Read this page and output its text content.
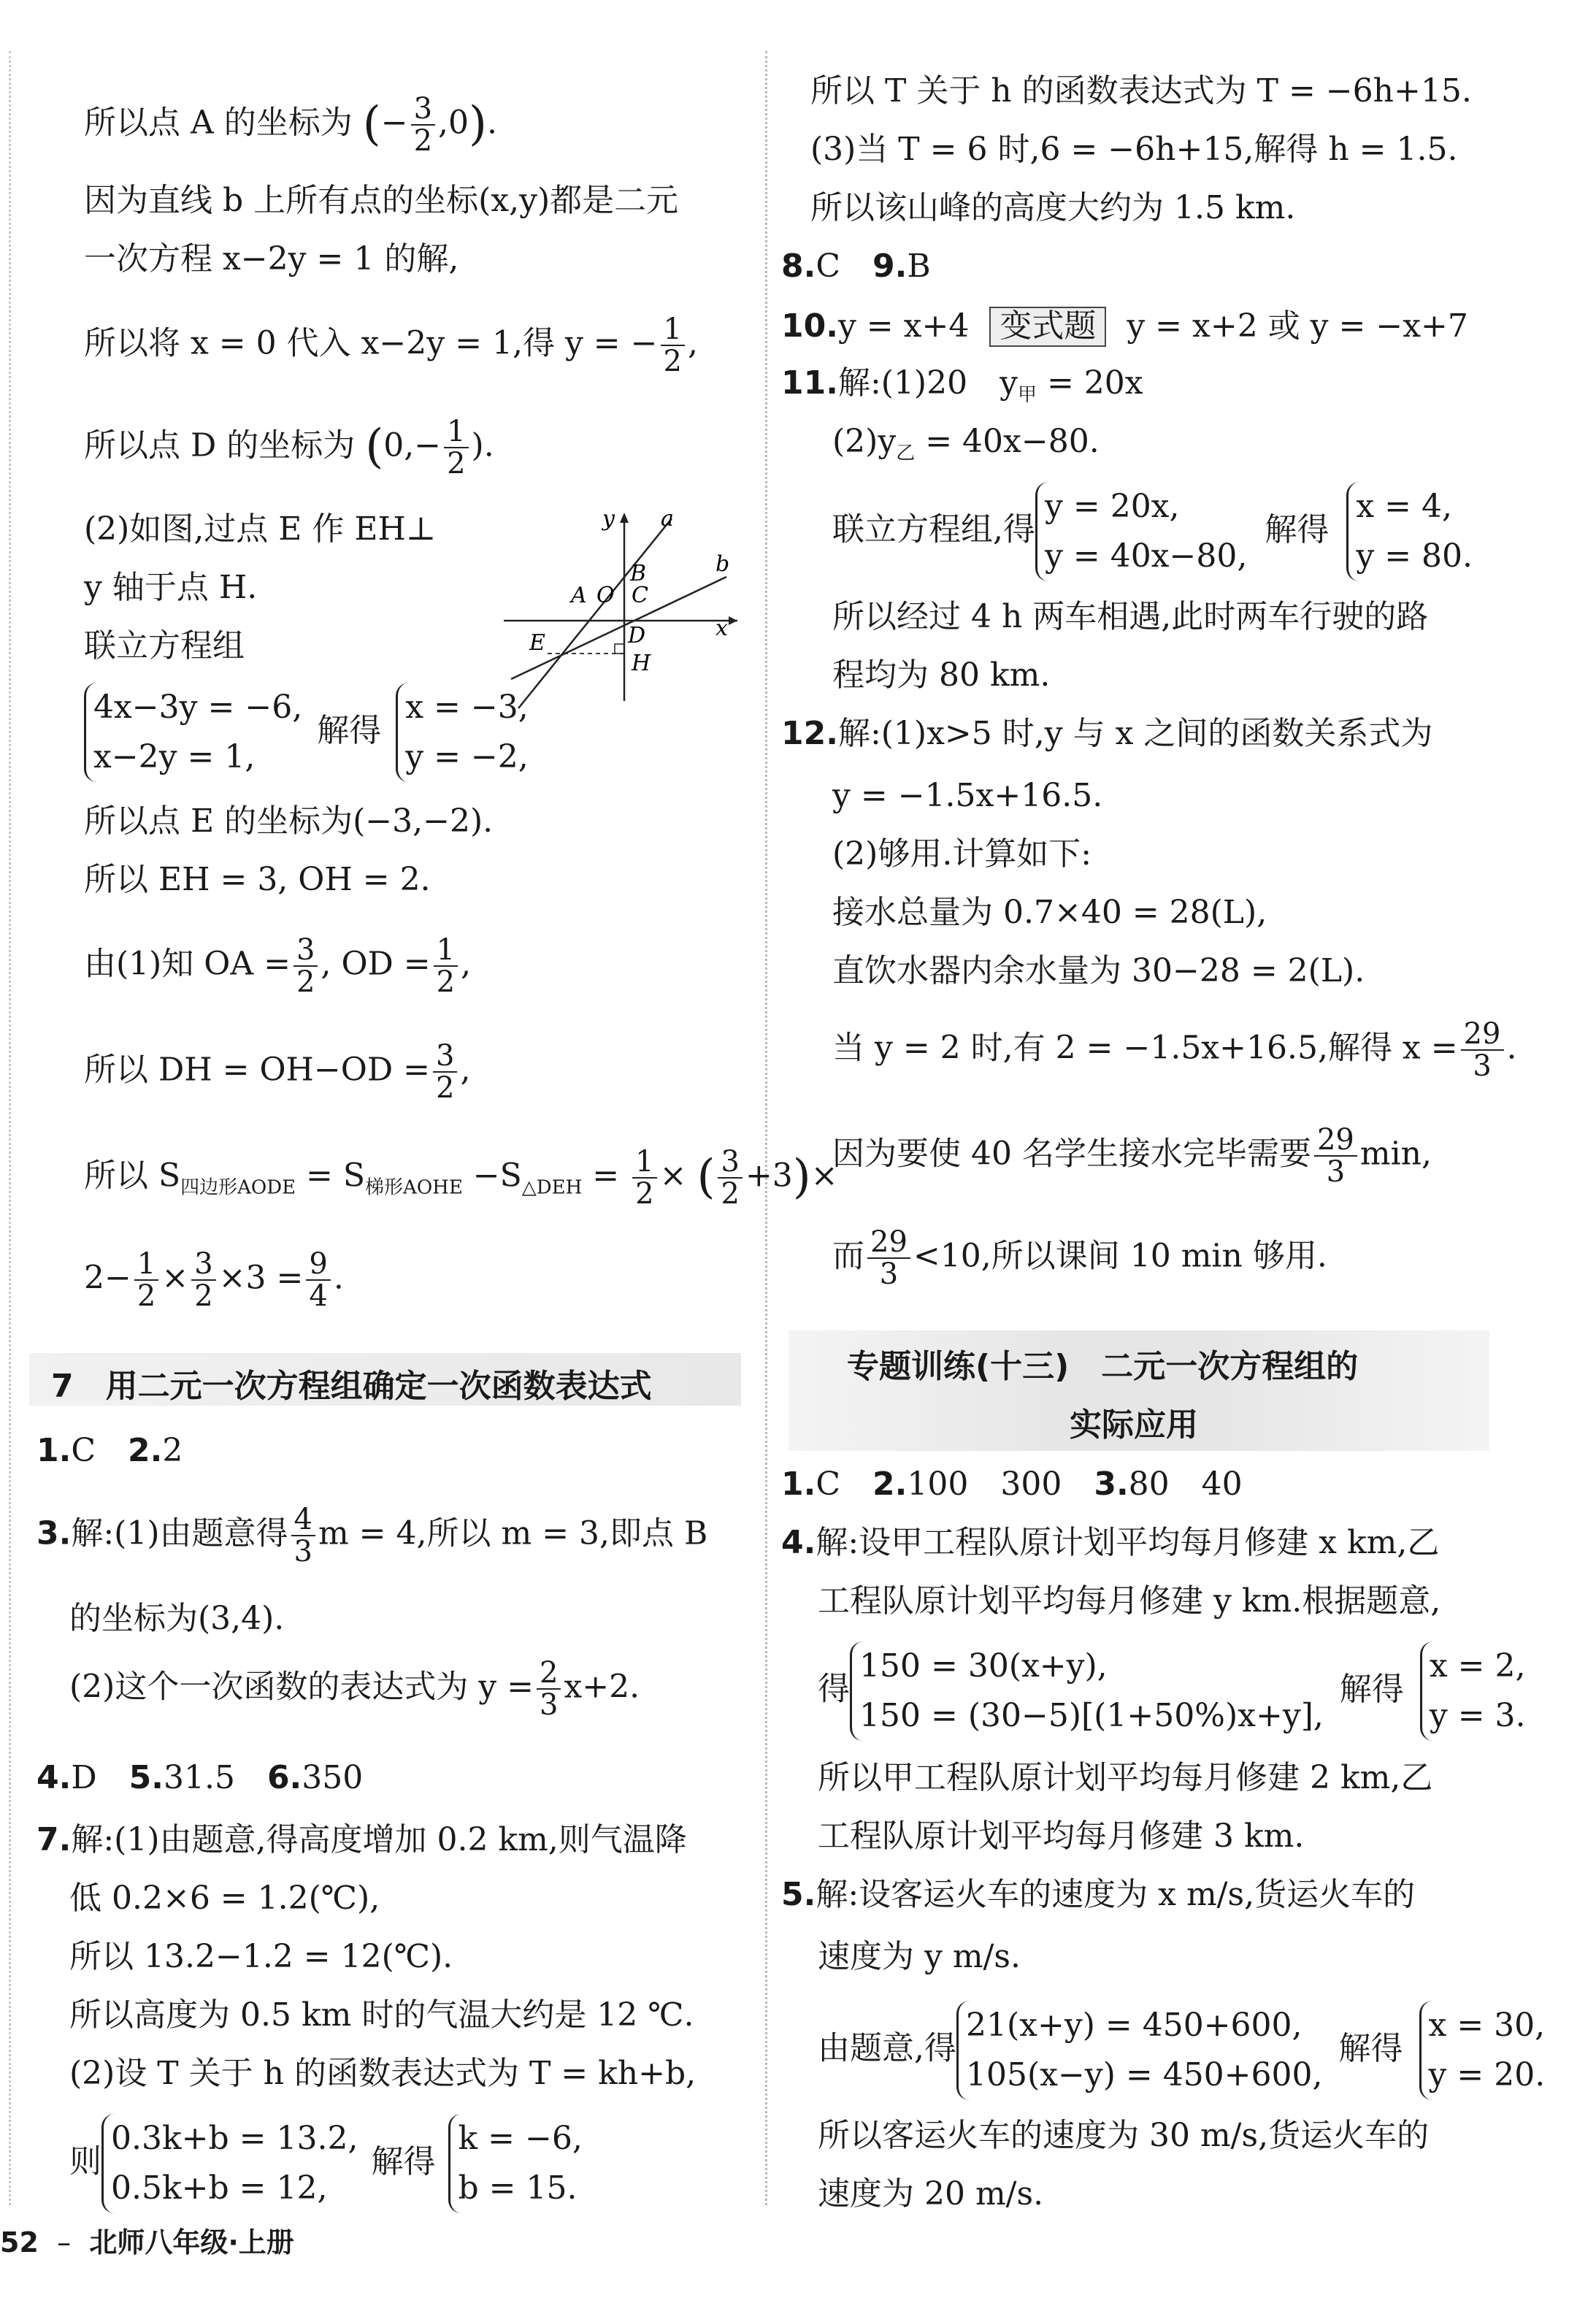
所以点 A 的坐标为 (− $\frac{3}{2} ,0$).
因为直线 b 上所有点的坐标(x,y)都是二元
一次方程 x−2y = 1 的解,
所以将 x = 0 代入 x−2y = 1,得 y = − $\frac{1}{2}$ ,
所以点 D 的坐标为 ($0,- \frac{1}{2}$ ).
(2)如图,过点 E 作 EH⊥
y 轴于点 H.
联立方程组
y a
b
x
B
A O C
D
E
H
4x−3y = −6,
x−2y = 1,
解得
x = −3,
y = −2,
所以点 E 的坐标为(−3,−2).
所以 EH = 3, OH = 2.
由(1)知 OA = $\frac{3}{2}$ , OD = $\frac{1}{2}$ ,
所以 DH = $OH-OD = \frac{3}{2}$ ,
所以 $S_{四边形AODE} = S_{梯形AOHE} -S_{\triangle DEH} = \frac{1}{2}$ × ( $\frac{3}{2} +3)\times$
$2- \frac{1}{2} \times \frac{3}{2} \times 3 = \frac{9}{4}$ .
7　用二元一次方程组确定一次函数表达式
1.C 2.2
3.解:(1)由题意得 $\frac{4}{3}$ m = 4,所以 m = 3,即点 B
的坐标为(3,4).
(2)这个一次函数的表达式为 $y = \frac{2}{3} x+2$.
4.D 5.31.5 6.350
7.解:(1)由题意,得高度增加 0.2 km,则气温降
低 0.2×6 = 1.2(℃),
所以 13.2−1.2 = 12(℃).
所以高度为 0.5 km 时的气温大约是 12 ℃.
(2)设 T 关于 h 的函数表达式为 T = kh+b,
则
0.3k+b = 13.2,
0.5k+b = 12,
解得
k = −6,
b = 15.
所以 T 关于 h 的函数表达式为 T = −6h+15.
(3)当 T = 6 时,6 = −6h+15,解得 h = 1.5.
所以该山峰的高度大约为 1.5 km.
8.C 9.B
10.y = x+4 变式题 y = x+2 或 y = −x+7
11.解:(1)20　$y_甲 = 20x$
$(2)y_乙 = 40x-80$.
联立方程组,得
y = 20x,
y = 40x−80,
解得
x = 4,
y = 80.
所以经过 4 h 两车相遇,此时两车行驶的路
程均为 80 km.
12.解:(1)x>5 时,y 与 x 之间的函数关系式为
y = −1.5x+16.5.
(2)够用.计算如下:
接水总量为 0.7×40 = 28(L),
直饮水器内余水量为 30−28 = 2(L).
当 y = 2 时,有 2 = −1.5x+16.5,解得 $x = \frac{29}{3}$ .
因为要使 40 名学生接水完毕需要 $\frac{29}{3} \min$,
而 $\frac{29}{3} <10$,所以课间 10 min 够用.
专题训练(十三)　二元一次方程组的
实际应用
1.C 2.100　300 3.80　40
4.解:设甲工程队原计划平均每月修建 x km,乙
工程队原计划平均每月修建 y km.根据题意,
得
150 = 30(x+y),
150 = (30−5)[(1+50%)x+y],
解得
x = 2,
y = 3.
所以甲工程队原计划平均每月修建 2 km,乙
工程队原计划平均每月修建 3 km.
5.解:设客运火车的速度为 x m/s,货运火车的
速度为 y m/s.
由题意,得
21(x+y) = 450+600,
105(x−y) = 450+600,
解得
x = 30,
y = 20.
所以客运火车的速度为 30 m/s,货运火车的
速度为 20 m/s.
52 – 北师八年级·上册
